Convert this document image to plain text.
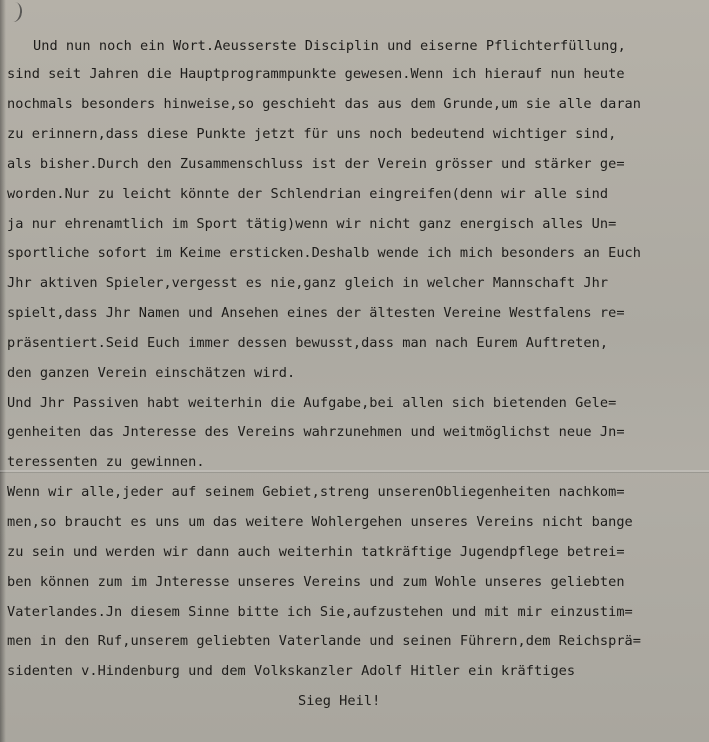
Und nun noch ein Wort.Aeusserste Disciplin und eiserne Pflichterfüllung,

sind seit Jahren die Hauptprogrammpunkte gewesen.Wenn ich hierauf nun heute

nochmals besonders hinweise,so geschieht das aus dem Grunde,um sie alle daran

zu erinnern,dass diese Punkte jetzt für uns noch bedeutend wichtiger sind,

als bisher.Durch den Zusammenschluss ist der Verein grösser und stärker ge=

worden.Nur zu leicht könnte der Schlendrian eingreifen(denn wir alle sind

ja nur ehrenamtlich im Sport tätig)wenn wir nicht ganz energisch alles Un=

sportliche sofort im Keime ersticken.Deshalb wende ich mich besonders an Euch

Jhr aktiven Spieler,vergesst es nie,ganz gleich in welcher Mannschaft Jhr

spielt,dass Jhr Namen und Ansehen eines der ältesten Vereine Westfalens re=

präsentiert.Seid Euch immer dessen bewusst,dass man nach Eurem Auftreten,

den ganzen Verein einschätzen wird.

Und Jhr Passiven habt weiterhin die Aufgabe,bei allen sich bietenden Gele=

genheiten das Jnteresse des Vereins wahrzunehmen und weitmöglichst neue Jn=

teressenten zu gewinnen.

Wenn wir alle,jeder auf seinem Gebiet,streng unserenObliegenheiten nachkom=

men,so braucht es uns um das weitere Wohlergehen unseres Vereins nicht bange

zu sein und werden wir dann auch weiterhin tatkräftige Jugendpflege betrei=

ben können zum im Jnteresse unseres Vereins und zum Wohle unseres geliebten

Vaterlandes.Jn diesem Sinne bitte ich Sie,aufzustehen und mit mir einzustim=

men in den Ruf,unserem geliebten Vaterlande und seinen Führern,dem Reichsprä=

sidenten v.Hindenburg und dem Volkskanzler Adolf Hitler ein kräftiges

Sieg Heil!
